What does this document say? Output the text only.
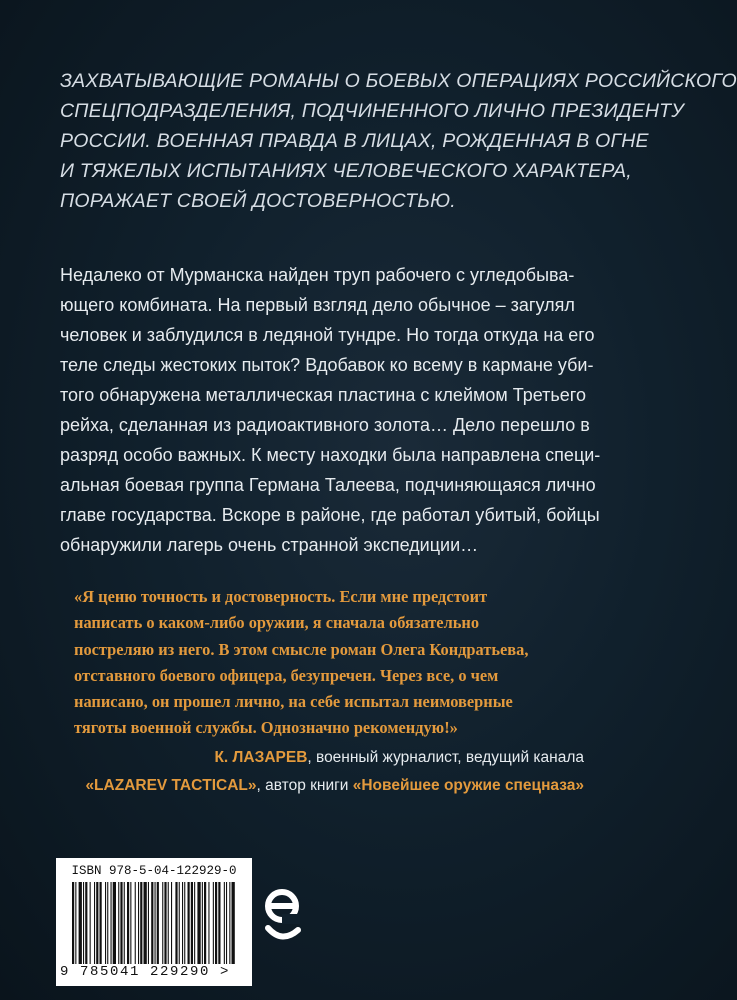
ЗАХВАТЫВАЮЩИЕ РОМАНЫ О БОЕВЫХ ОПЕРАЦИЯХ РОССИЙСКОГО
СПЕЦПОДРАЗДЕЛЕНИЯ, ПОДЧИНЕННОГО ЛИЧНО ПРЕЗИДЕНТУ
РОССИИ. ВОЕННАЯ ПРАВДА В ЛИЦАХ, РОЖДЕННАЯ В ОГНЕ
И ТЯЖЕЛЫХ ИСПЫТАНИЯХ ЧЕЛОВЕЧЕСКОГО ХАРАКТЕРА,
ПОРАЖАЕТ СВОЕЙ ДОСТОВЕРНОСТЬЮ.
Недалеко от Мурманска найден труп рабочего с угледобыва-
ющего комбината. На первый взгляд дело обычное – загулял
человек и заблудился в ледяной тундре. Но тогда откуда на его
теле следы жестоких пыток? Вдобавок ко всему в кармане уби-
того обнаружена металлическая пластина с клеймом Третьего
рейха, сделанная из радиоактивного золота… Дело перешло в
разряд особо важных. К месту находки была направлена специ-
альная боевая группа Германа Талеева, подчиняющаяся лично
главе государства. Вскоре в районе, где работал убитый, бойцы
обнаружили лагерь очень странной экспедиции…
«Я ценю точность и достоверность. Если мне предстоит
написать о каком-либо оружии, я сначала обязательно
постреляю из него. В этом смысле роман Олега Кондратьева,
отставного боевого офицера, безупречен. Через все, о чем
написано, он прошел лично, на себе испытал неимоверные
тяготы военной службы. Однозначно рекомендую!»
К. ЛАЗАРЕВ, военный журналист, ведущий канала
«LAZAREV TACTICAL», автор книги «Новейшее оружие спецназа»
ISBN 978-5-04-122929-0
9 785041 229290 >
